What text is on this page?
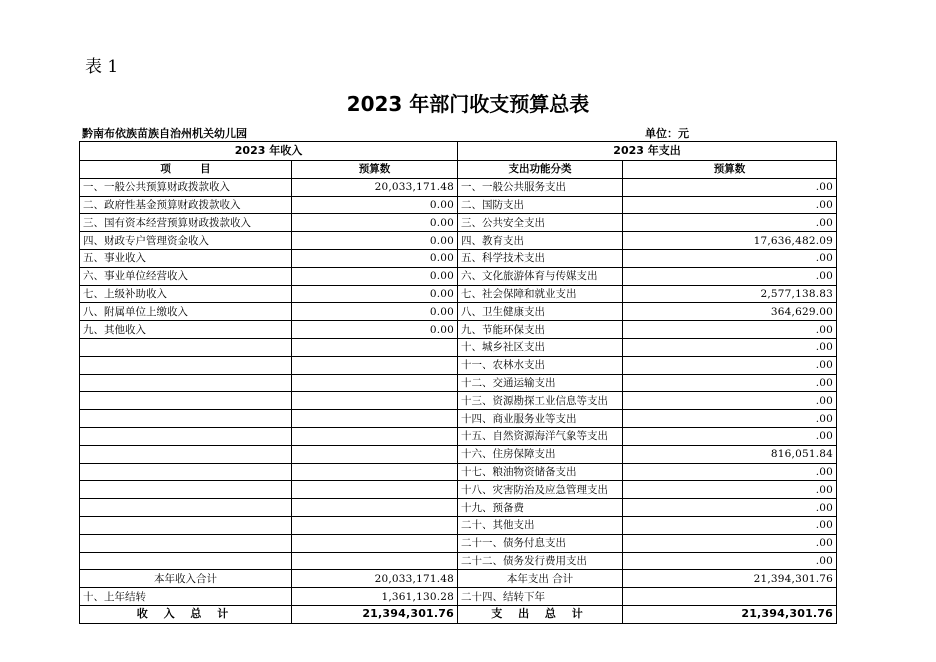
表 1
2023 年部门收支预算总表
黔南布依族苗族自治州机关幼儿园	单位：元
2023 年收入		2023 年支出	
项        目	预算数	支出功能分类	预算数
一、一般公共预算财政拨款收入	20,033,171.48	一、一般公共服务支出	.00
二、政府性基金预算财政拨款收入	0.00	二、国防支出	.00
三、国有资本经营预算财政拨款收入	0.00	三、公共安全支出	.00
四、财政专户管理资金收入	0.00	四、教育支出	17,636,482.09
五、事业收入	0.00	五、科学技术支出	.00
六、事业单位经营收入	0.00	六、文化旅游体育与传媒支出	.00
七、上级补助收入	0.00	七、社会保障和就业支出	2,577,138.83
八、附属单位上缴收入	0.00	八、卫生健康支出	364,629.00
九、其他收入	0.00	九、节能环保支出	.00
		十、城乡社区支出	.00
		十一、农林水支出	.00
		十二、交通运输支出	.00
		十三、资源勘探工业信息等支出	.00
		十四、商业服务业等支出	.00
		十五、自然资源海洋气象等支出	.00
		十六、住房保障支出	816,051.84
		十七、粮油物资储备支出	.00
		十八、灾害防治及应急管理支出	.00
		十九、预备费	.00
		二十、其他支出	.00
		二十一、债务付息支出	.00
		二十二、债务发行费用支出	.00
本年收入合计	20,033,171.48	本年支出 合计	21,394,301.76
十、上年结转	1,361,130.28	二十四、结转下年	
收 入 总 计	21,394,301.76	支 出 总 计	21,394,301.76
